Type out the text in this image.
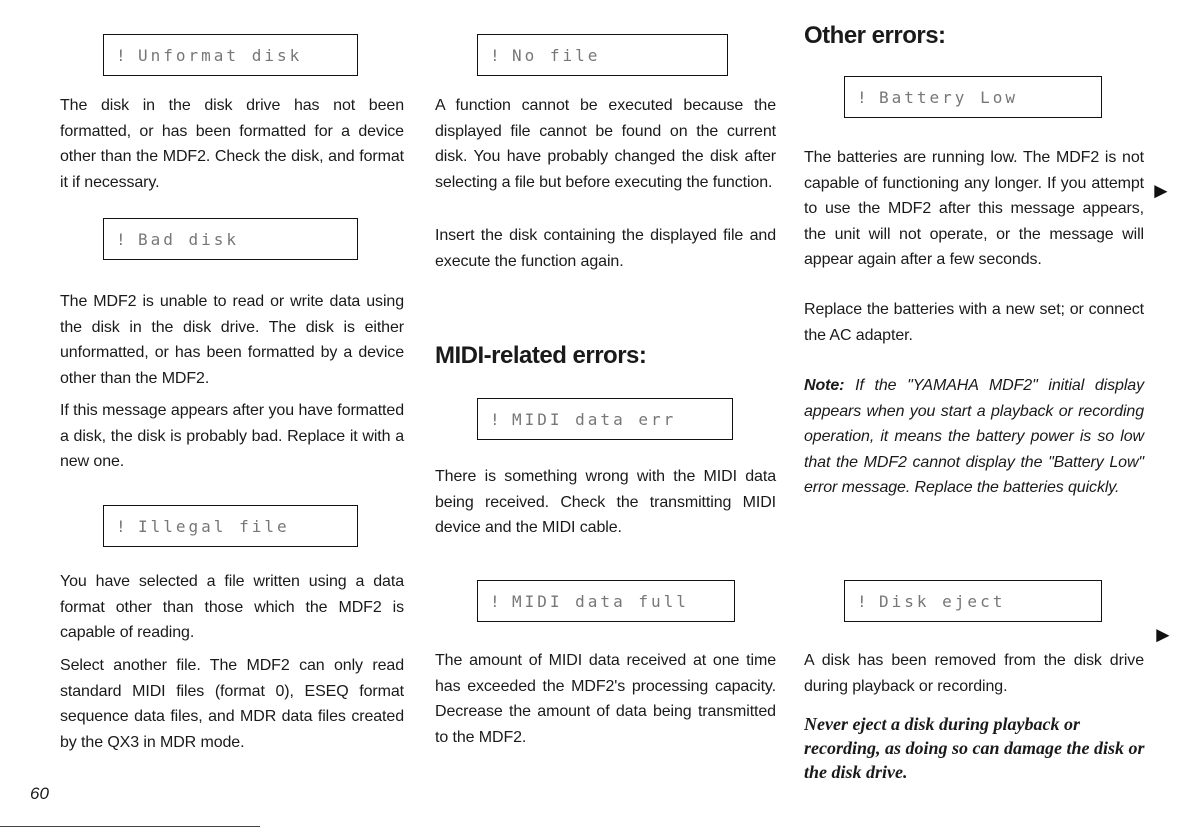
! Unformat disk

The disk in the disk drive has not been formatted, or has been formatted for a device other than the MDF2. Check the disk, and format it if necessary.

! Bad disk

The MDF2 is unable to read or write data using the disk in the disk drive. The disk is either unformatted, or has been formatted by a device other than the MDF2.

If this message appears after you have formatted a disk, the disk is probably bad. Replace it with a new one.

! Illegal file

You have selected a file written using a data format other than those which the MDF2 is capable of reading.

Select another file. The MDF2 can only read standard MIDI files (format 0), ESEQ format sequence data files, and MDR data files created by the QX3 in MDR mode.

! No file

A function cannot be executed because the displayed file cannot be found on the current disk. You have probably changed the disk after selecting a file but before executing the function.

Insert the disk containing the displayed file and execute the function again.

MIDI-related errors:
! MIDI data err

There is something wrong with the MIDI data being received. Check the transmitting MIDI device and the MIDI cable.

! MIDI data full

The amount of MIDI data received at one time has exceeded the MDF2's processing capacity. Decrease the amount of data being transmitted to the MDF2.

Other errors:
! Battery Low

The batteries are running low. The MDF2 is not capable of functioning any longer. If you attempt to use the MDF2 after this message appears, the unit will not operate, or the message will appear again after a few seconds.

Replace the batteries with a new set; or connect the AC adapter.

Note: If the "YAMAHA MDF2" initial display appears when you start a playback or recording operation, it means the battery power is so low that the MDF2 cannot display the "Battery Low" error message. Replace the batteries quickly.

! Disk eject

A disk has been removed from the disk drive during playback or recording.

Never eject a disk during playback or recording, as doing so can damage the disk or the disk drive.

►
►

60
